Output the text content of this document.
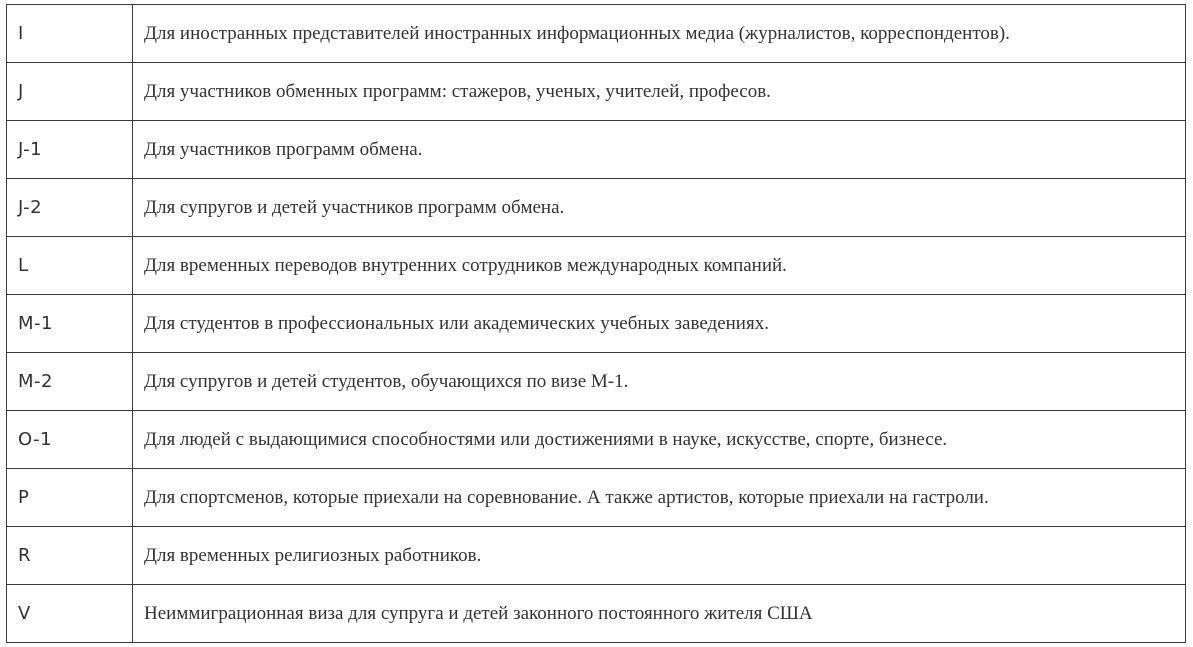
I	Для иностранных представителей иностранных информационных медиа (журналистов, корреспондентов).
J	Для участников обменных программ: стажеров, ученых, учителей, професов.
J-1	Для участников программ обмена.
J-2	Для супругов и детей участников программ обмена.
L	Для временных переводов внутренних сотрудников международных компаний.
M-1	Для студентов в профессиональных или академических учебных заведениях.
M-2	Для супругов и детей студентов, обучающихся по визе M-1.
O-1	Для людей с выдающимися способностями или достижениями в науке, искусстве, спорте, бизнесе.
P	Для спортсменов, которые приехали на соревнование. А также артистов, которые приехали на гастроли.
R	Для временных религиозных работников.
V	Неиммиграционная виза для супруга и детей законного постоянного жителя США
